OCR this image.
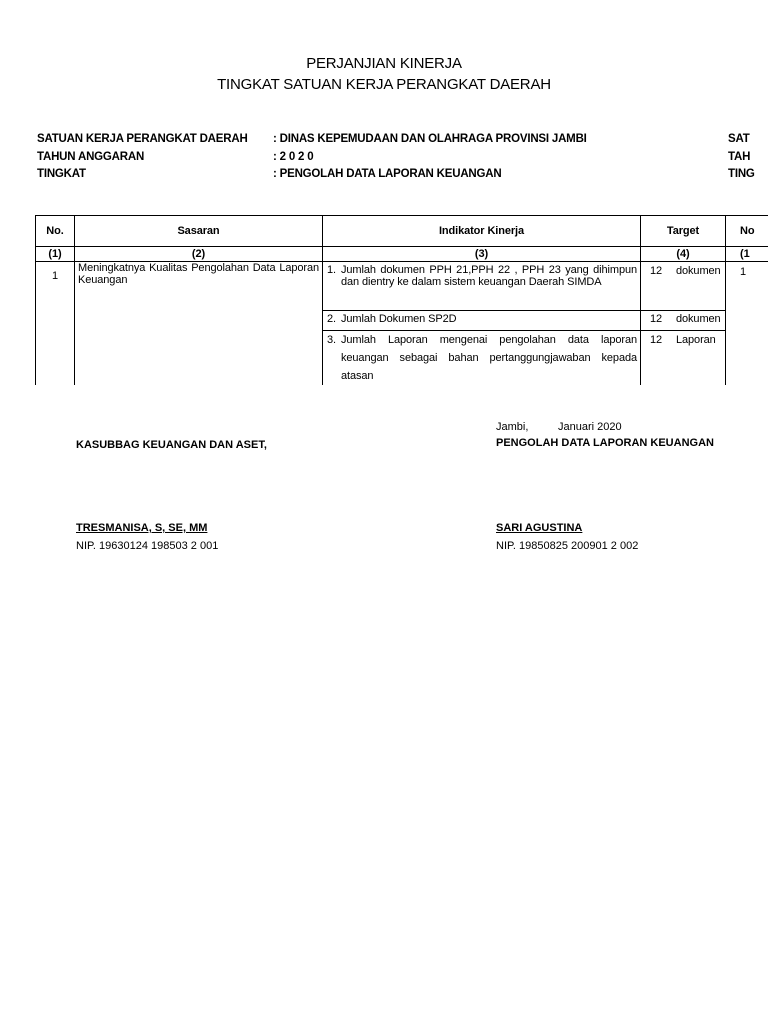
PERJANJIAN KINERJA
TINGKAT SATUAN KERJA PERANGKAT DAERAH
SATUAN KERJA PERANGKAT DAERAH : DINAS KEPEMUDAAN DAN OLAHRAGA PROVINSI JAMBI	SAT
TAHUN ANGGARAN	: 2 0 2 0	TAH
TINGKAT	: PENGOLAH DATA LAPORAN KEUANGAN	TING
No.	Sasaran	Indikator Kinerja	Target	No
(1)	(2)	(3)	(4)	(1
1	Meningkatnya Kualitas Pengolahan Data Laporan Keuangan	1. Jumlah dokumen PPH 21,PPH 22 , PPH 23 yang dihimpun dan dientry ke dalam sistem keuangan Daerah SIMDA	12 dokumen	1

		2. Jumlah Dokumen SP2D	12 dokumen	

		3. Jumlah Laporan mengenai pengolahan data laporan keuangan sebagai bahan pertanggungjawaban kepada atasan	12 Laporan	
Jambi,	Januari 2020
KASUBBAG KEUANGAN DAN ASET,	PENGOLAH DATA LAPORAN KEUANGAN
TRESMANISA, S, SE, MM
NIP. 19630124 198503 2 001
SARI AGUSTINA
NIP. 19850825 200901 2 002
